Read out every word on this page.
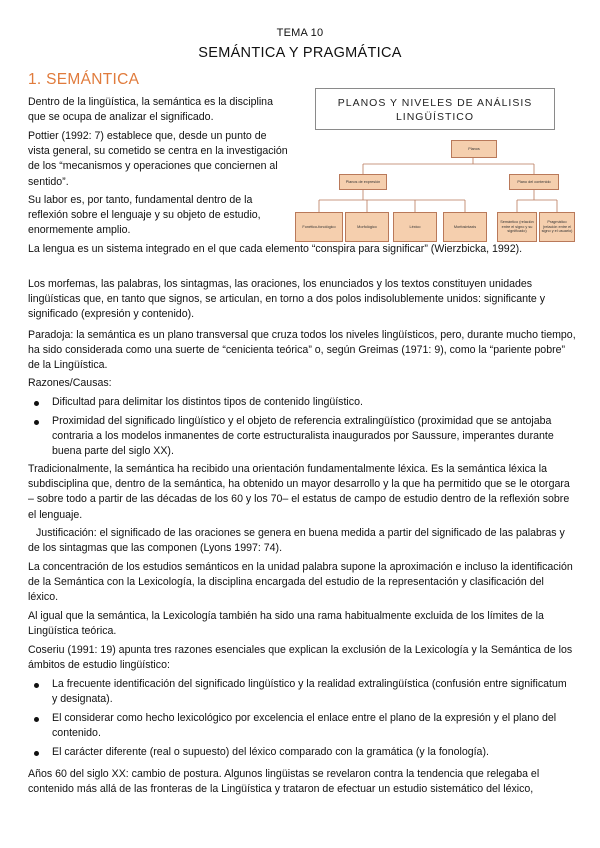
TEMA 10
SEMÁNTICA Y PRAGMÁTICA
1. SEMÁNTICA

Dentro de la lingüística, la semántica es la disciplina que se ocupa de analizar el significado.

Pottier (1992: 7) establece que, desde un punto de vista general, su cometido se centra en la investigación de los “mecanismos y operaciones que conciernen al sentido”.

Su labor es, por tanto, fundamental dentro de la reflexión sobre el lenguaje y su objeto de estudio, enormemente amplio.

La lengua es un sistema integrado en el que cada elemento “conspira para significar” (Wierzbicka, 1992).

PLANOS Y NIVELES DE ANÁLISIS
LINGÜÍSTICO
Planos
Planos de expresión	Plano del contenido
Fonético-fonológico	Morfológico	Léxico	Morfosintaxis
Semántico (relación entre el signo y su significado)
Pragmático (relación entre el signo y el usuario)

Los morfemas, las palabras, los sintagmas, las oraciones, los enunciados y los textos constituyen unidades lingüísticas que, en tanto que signos, se articulan, en torno a dos polos indisolublemente unidos: significante y significado (expresión y contenido).

Paradoja: la semántica es un plano transversal que cruza todos los niveles lingüísticos, pero, durante mucho tiempo, ha sido considerada como una suerte de “cenicienta teórica” o, según Greimas (1971: 9), como la “pariente pobre” de la Lingüística.

Razones/Causas:

Dificultad para delimitar los distintos tipos de contenido lingüístico.
Proximidad del significado lingüístico y el objeto de referencia extralingüístico (proximidad que se antojaba contraria a los modelos inmanentes de corte estructuralista inaugurados por Saussure, imperantes durante buena parte del siglo XX).

Tradicionalmente, la semántica ha recibido una orientación fundamentalmente léxica. Es la semántica léxica la subdisciplina que, dentro de la semántica, ha obtenido un mayor desarrollo y la que ha permitido que se le otorgara – sobre todo a partir de las décadas de los 60 y los 70– el estatus de campo de estudio dentro de la reflexión sobre el lenguaje.

Justificación: el significado de las oraciones se genera en buena medida a partir del significado de las palabras y de los sintagmas que las componen (Lyons 1997: 74).

La concentración de los estudios semánticos en la unidad palabra supone la aproximación e incluso la identificación de la Semántica con la Lexicología, la disciplina encargada del estudio de la representación y clasificación del léxico.

Al igual que la semántica, la Lexicología también ha sido una rama habitualmente excluida de los límites de la Lingüística teórica.

Coseriu (1991: 19) apunta tres razones esenciales que explican la exclusión de la Lexicología y la Semántica de los ámbitos de estudio lingüístico:

La frecuente identificación del significado lingüístico y la realidad extralingüística (confusión entre significatum y designata).
El considerar como hecho lexicológico por excelencia el enlace entre el plano de la expresión y el plano del contenido.
El carácter diferente (real o supuesto) del léxico comparado con la gramática (y la fonología).

Años 60 del siglo XX: cambio de postura. Algunos lingüistas se revelaron contra la tendencia que relegaba el contenido más allá de las fronteras de la Lingüística y trataron de efectuar un estudio sistemático del léxico,
